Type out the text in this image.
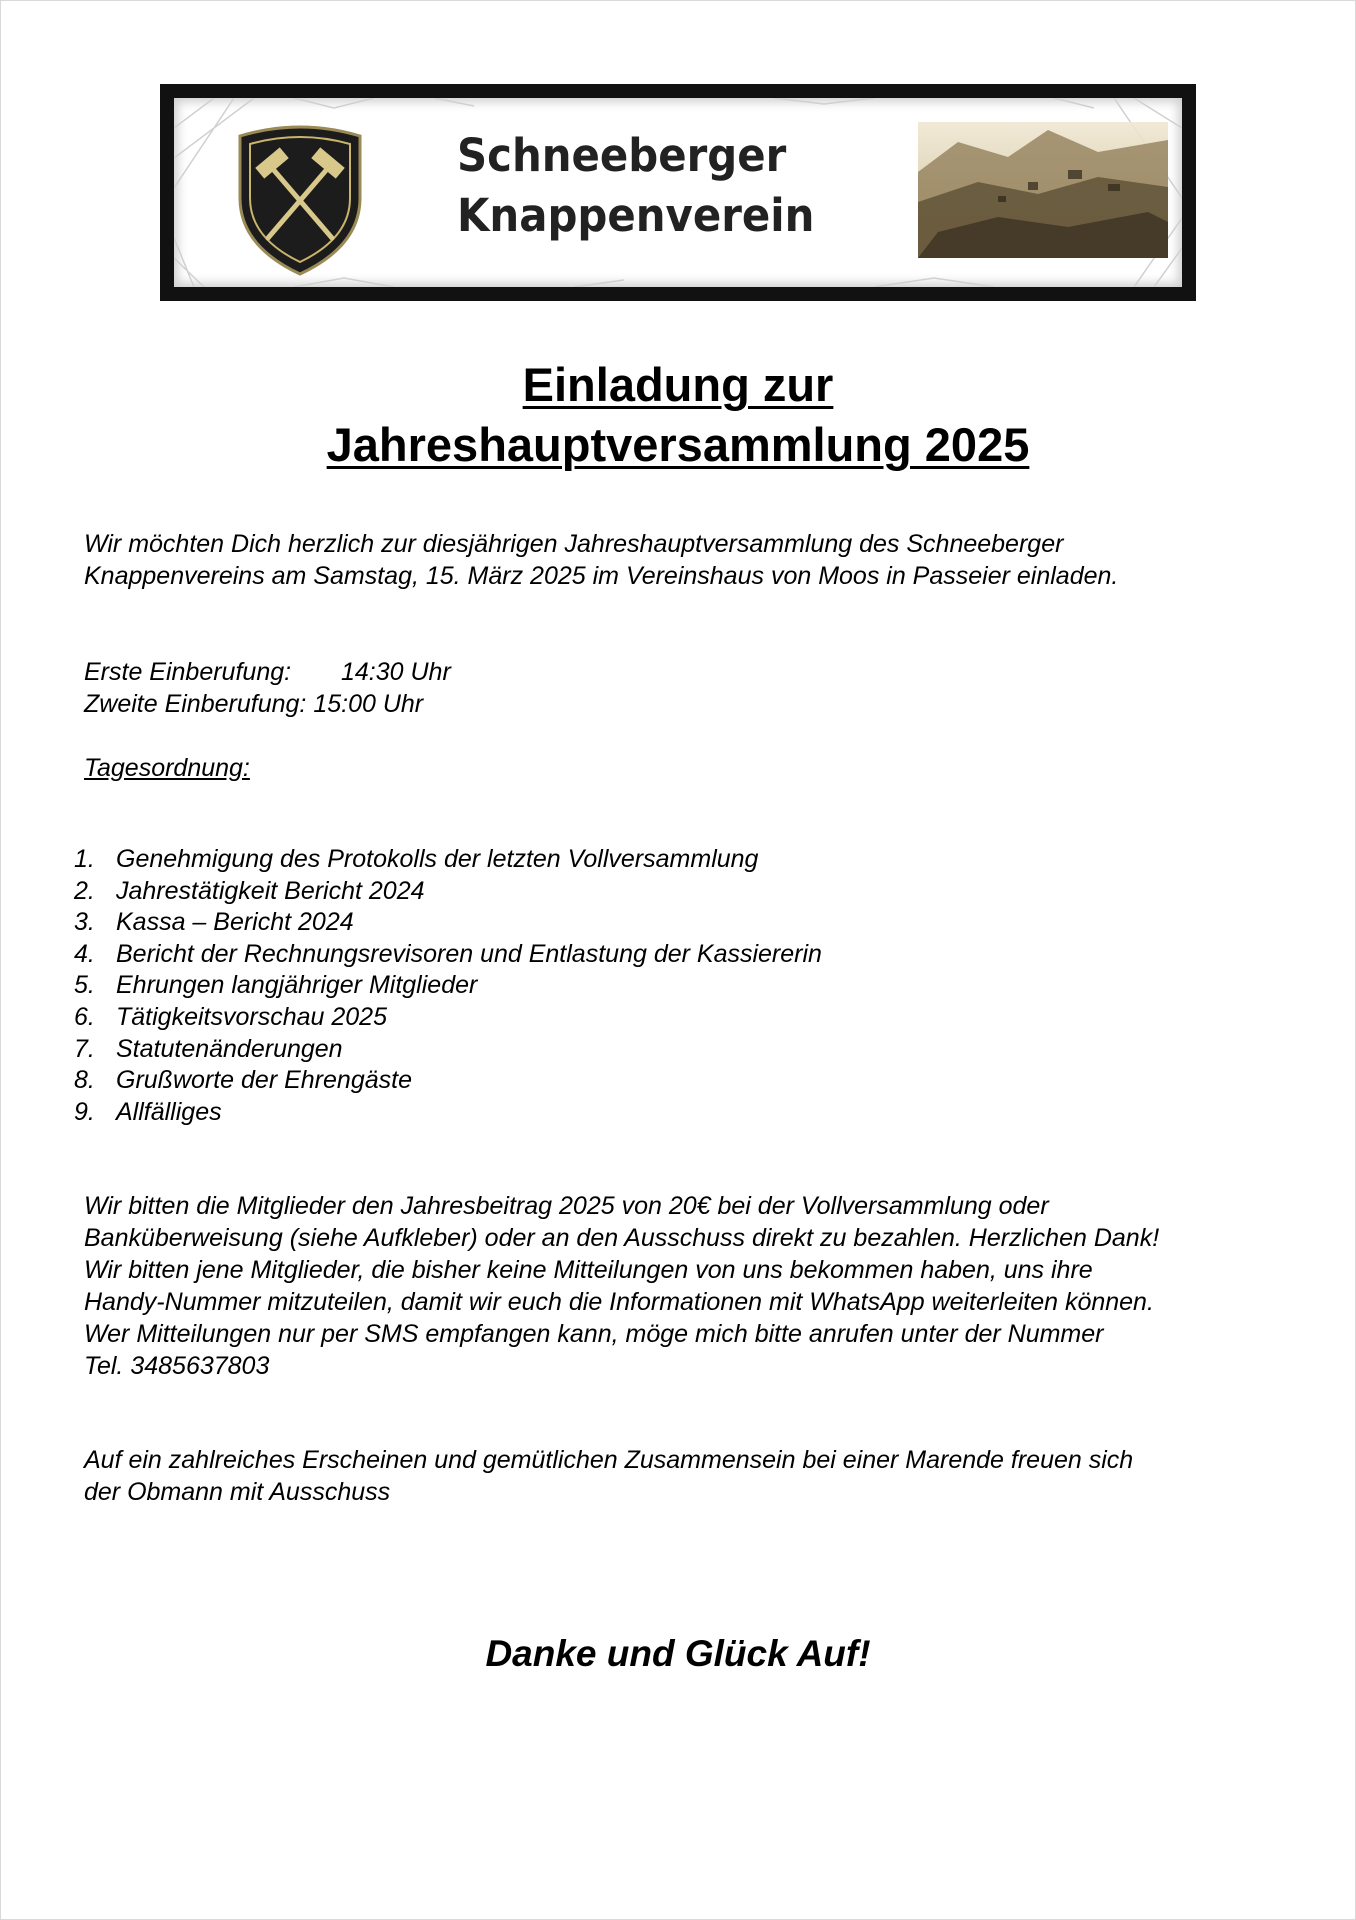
Schneeberger
Knappenverein
Einladung zur
Jahreshauptversammlung 2025
Wir möchten Dich herzlich zur diesjährigen Jahreshauptversammlung des Schneeberger
Knappenvereins am Samstag, 15. März 2025 im Vereinshaus von Moos in Passeier einladen.
Erste Einberufung: 14:30 Uhr
Zweite Einberufung: 15:00 Uhr
Tagesordnung:
1. Genehmigung des Protokolls der letzten Vollversammlung
2. Jahrestätigkeit Bericht 2024
3. Kassa – Bericht 2024
4. Bericht der Rechnungsrevisoren und Entlastung der Kassiererin
5. Ehrungen langjähriger Mitglieder
6. Tätigkeitsvorschau 2025
7. Statutenänderungen
8. Grußworte der Ehrengäste
9. Allfälliges
Wir bitten die Mitglieder den Jahresbeitrag 2025 von 20€ bei der Vollversammlung oder
Banküberweisung (siehe Aufkleber) oder an den Ausschuss direkt zu bezahlen. Herzlichen Dank!
Wir bitten jene Mitglieder, die bisher keine Mitteilungen von uns bekommen haben, uns ihre
Handy-Nummer mitzuteilen, damit wir euch die Informationen mit WhatsApp weiterleiten können.
Wer Mitteilungen nur per SMS empfangen kann, möge mich bitte anrufen unter der Nummer
Tel. 3485637803
Auf ein zahlreiches Erscheinen und gemütlichen Zusammensein bei einer Marende freuen sich
der Obmann mit Ausschuss
Danke und Glück Auf!
